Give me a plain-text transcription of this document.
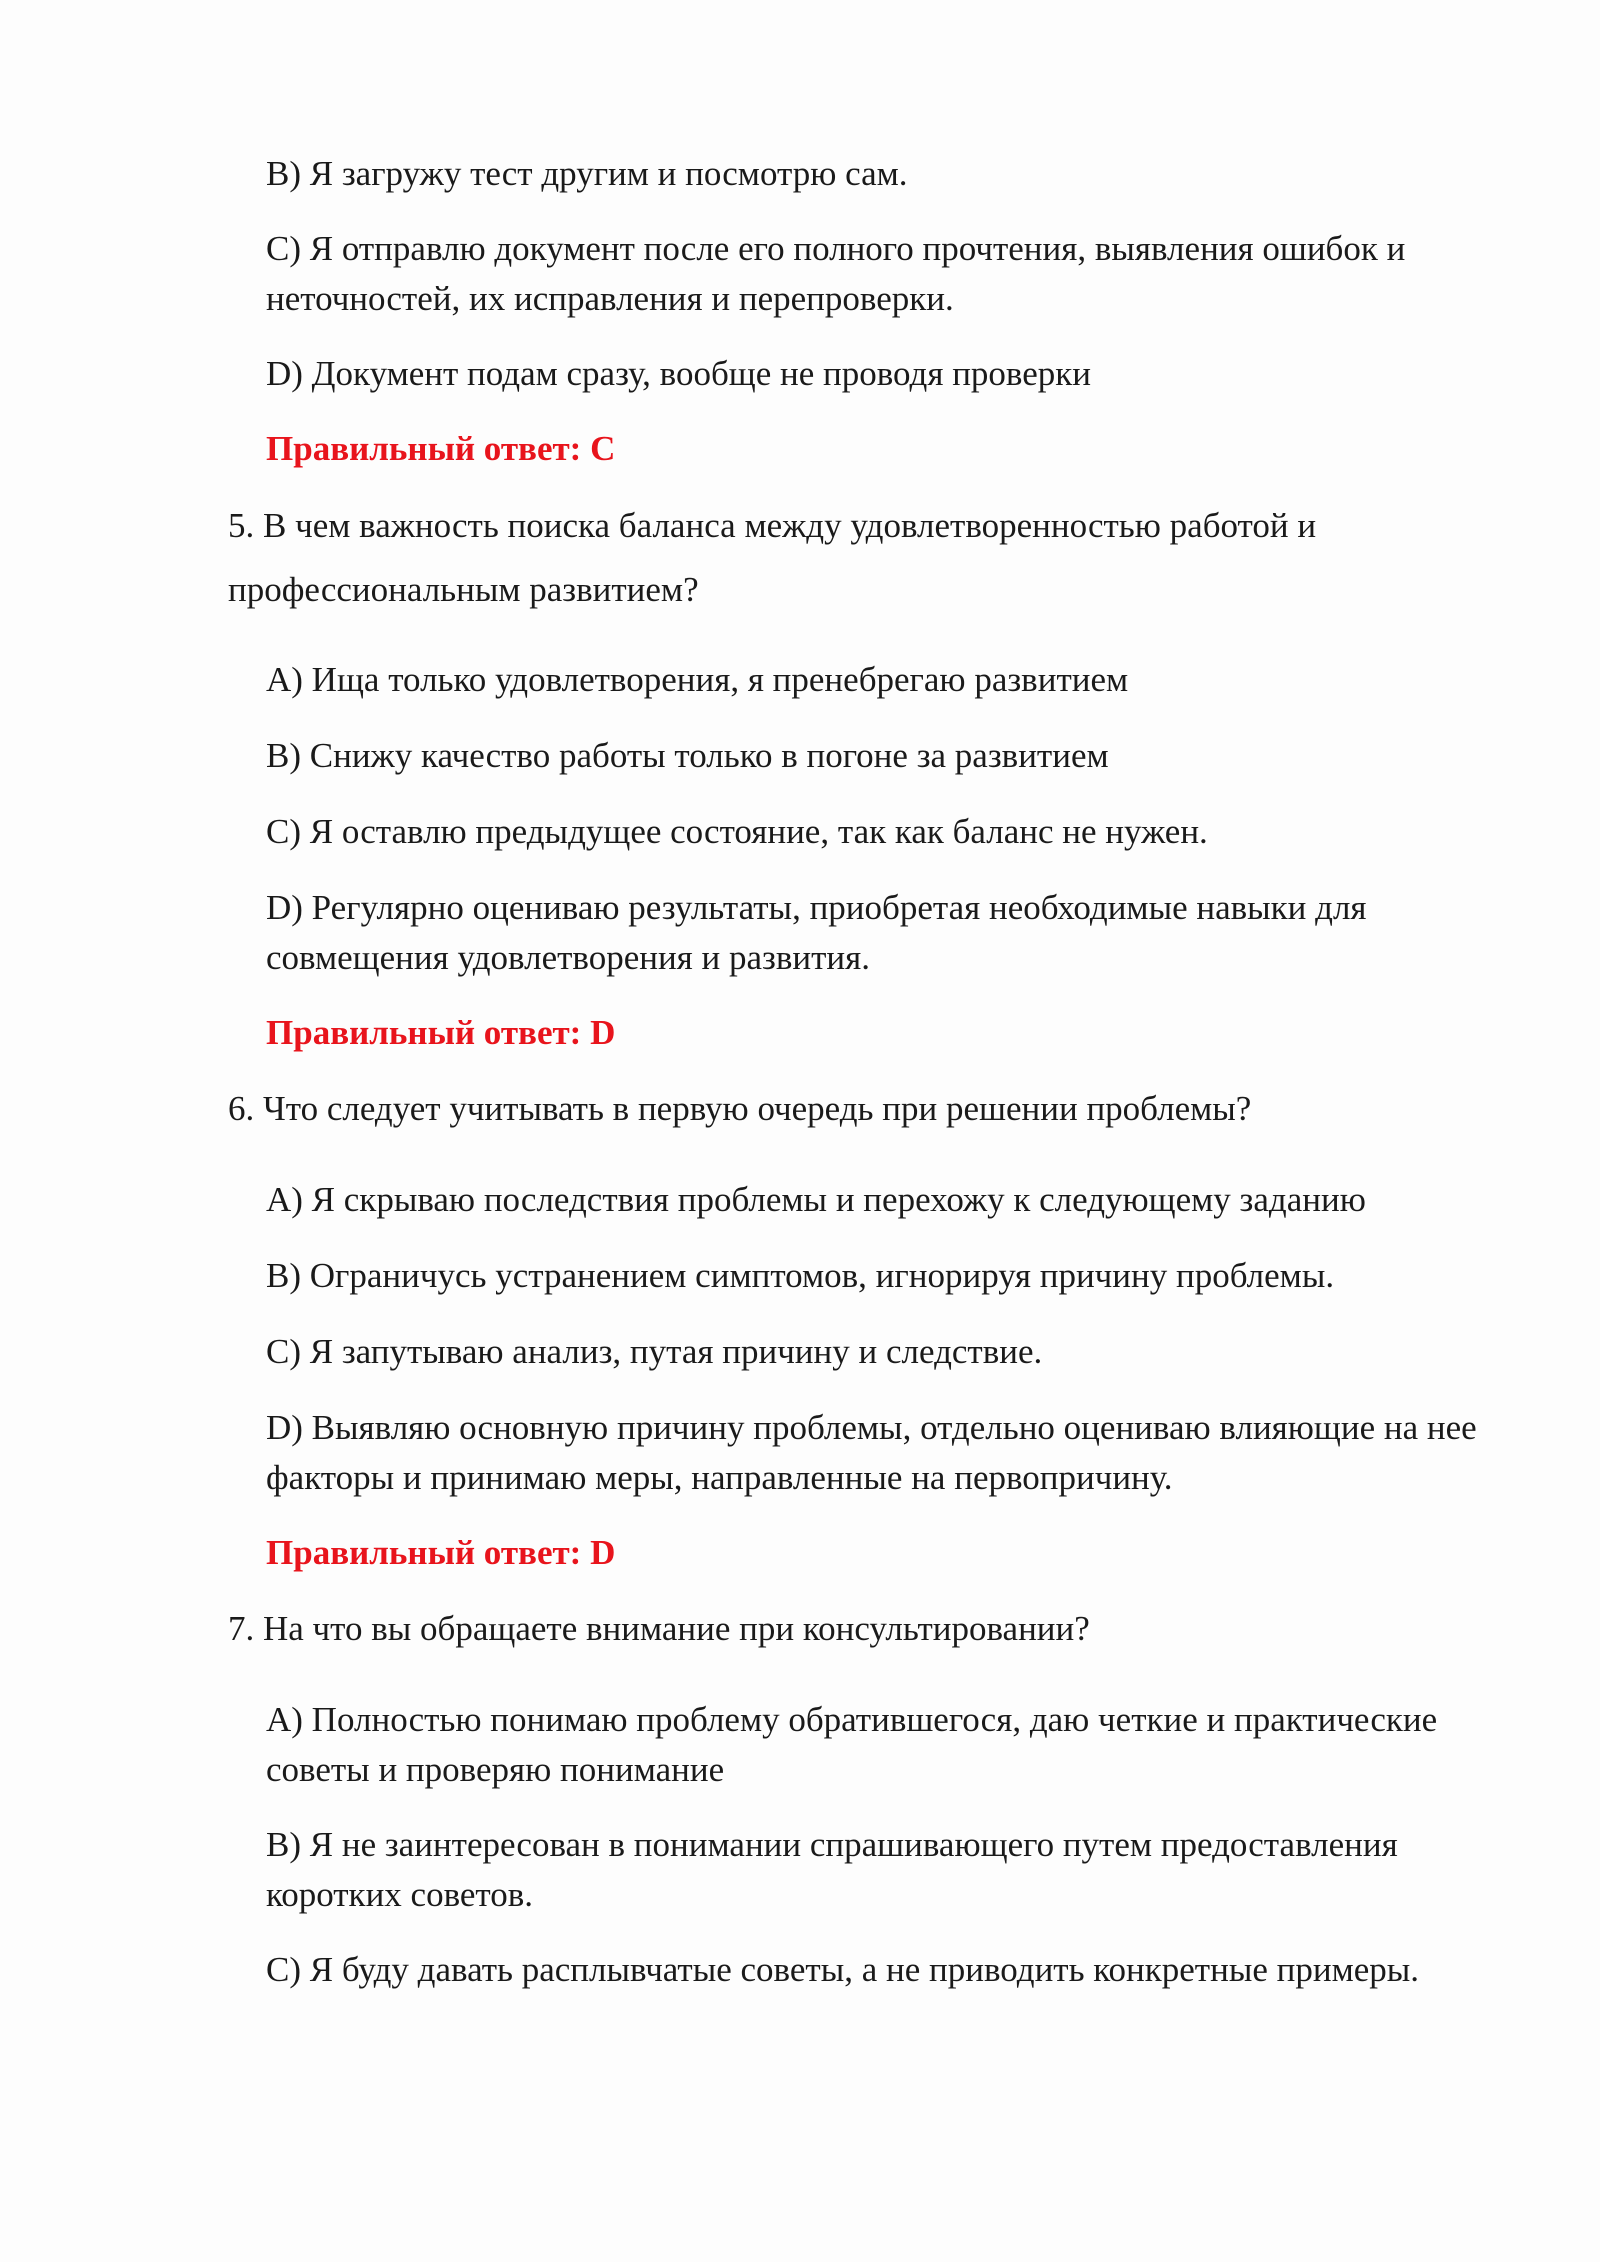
B) Я загружу тест другим и посмотрю сам.

C) Я отправлю документ после его полного прочтения, выявления ошибок и неточностей, их исправления и перепроверки.

D) Документ подам сразу, вообще не проводя проверки

Правильный ответ: C

5. В чем важность поиска баланса между удовлетворенностью работой и профессиональным развитием?

A) Ища только удовлетворения, я пренебрегаю развитием

B) Снижу качество работы только в погоне за развитием

C) Я оставлю предыдущее состояние, так как баланс не нужен.

D) Регулярно оцениваю результаты, приобретая необходимые навыки для совмещения удовлетворения и развития.

Правильный ответ: D

6. Что следует учитывать в первую очередь при решении проблемы?

A) Я скрываю последствия проблемы и перехожу к следующему заданию

B) Ограничусь устранением симптомов, игнорируя причину проблемы.

C) Я запутываю анализ, путая причину и следствие.

D) Выявляю основную причину проблемы, отдельно оцениваю влияющие на нее факторы и принимаю меры, направленные на первопричину.

Правильный ответ: D

7. На что вы обращаете внимание при консультировании?

A) Полностью понимаю проблему обратившегося, даю четкие и практические советы и проверяю понимание

B) Я не заинтересован в понимании спрашивающего путем предоставления коротких советов.

C) Я буду давать расплывчатые советы, а не приводить конкретные примеры.
